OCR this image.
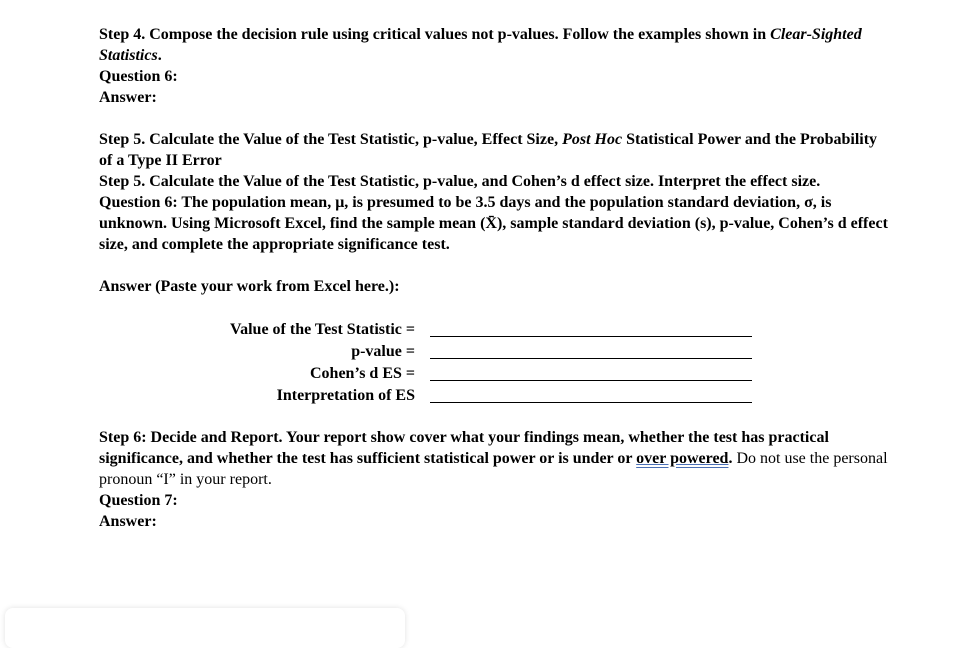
Step 4. Compose the decision rule using critical values not p-values. Follow the examples shown in Clear-Sighted Statistics.

Question 6:

Answer:

Step 5. Calculate the Value of the Test Statistic, p-value, Effect Size, Post Hoc Statistical Power and the Probability of a Type II Error

Step 5. Calculate the Value of the Test Statistic, p-value, and Cohen’s d effect size. Interpret the effect size.

Question 6: The population mean, μ, is presumed to be 3.5 days and the population standard deviation, σ, is unknown. Using Microsoft Excel, find the sample mean (X̄), sample standard deviation (s), p-value, Cohen’s d effect size, and complete the appropriate significance test.

Answer (Paste your work from Excel here.):

Value of the Test Statistic =
p-value =
Cohen’s d ES =
Interpretation of ES

Step 6: Decide and Report. Your report show cover what your findings mean, whether the test has practical significance, and whether the test has sufficient statistical power or is under or over powered. Do not use the personal pronoun “I” in your report.

Question 7:

Answer:
